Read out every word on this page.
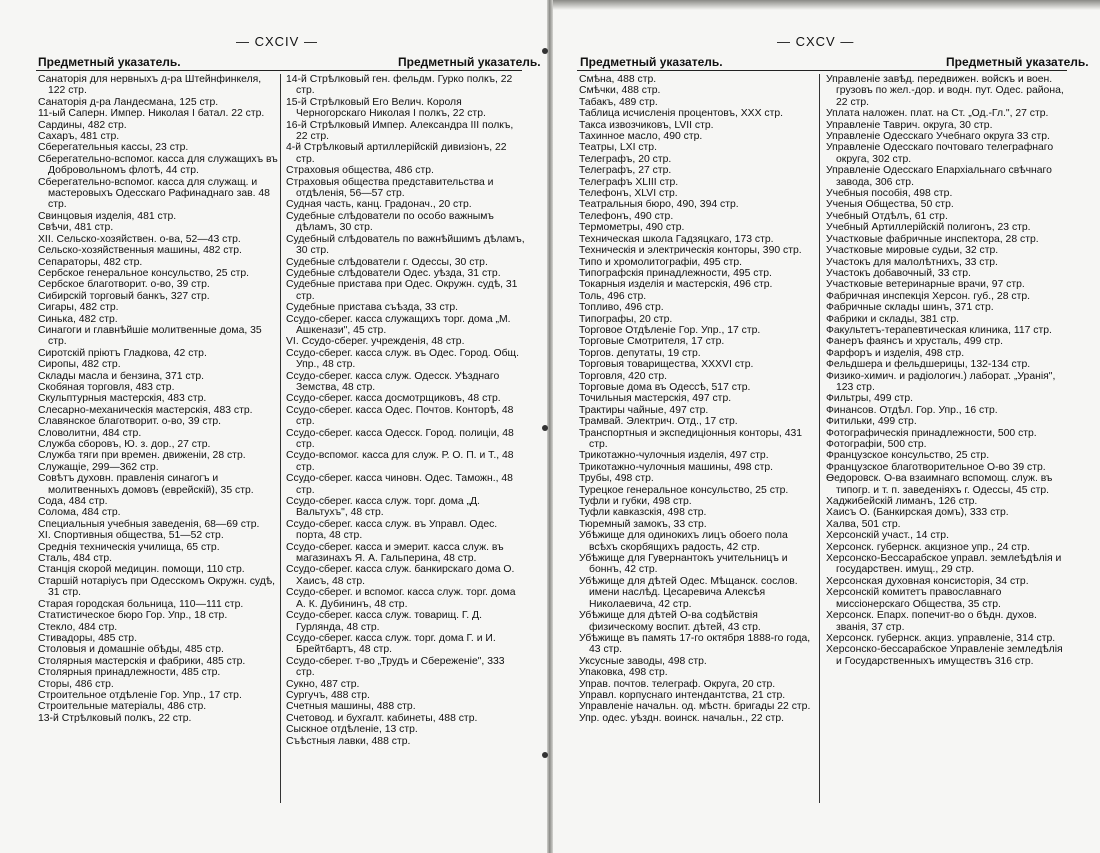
— CXCIV —
Предметный указатель.	Предметный указатель.
Санаторія для нервныхъ д-ра Штейнфинкеля, 122 стр.
Санаторія д-ра Ландесмана, 125 стр.
11-ый Саперн. Импер. Николая I батал. 22 стр.
Сардины, 482 стр.
Сахаръ, 481 стр.
Сберегательныя кассы, 23 стр.
Сберегательно-вспомог. касса для служащихъ въ Добровольномъ флотѣ, 44 стр.
Сберегательно-вспомог. касса для служащ. и мастеровыхъ Одесскаго Рафинаднаго зав. 48 стр.
Свинцовыя изделія, 481 стр.
Свѣчи, 481 стр.
XII. Сельско-хозяйствен. о-ва, 52—43 стр.
Сельско-хозяйственныя машины, 482 стр.
Сепараторы, 482 стр.
Сербское генеральное консульство, 25 стр.
Сербское благотворит. о-во, 39 стр.
Сибирскій торговый банкъ, 327 стр.
Сигары, 482 стр.
Синька, 482 стр.
Синагоги и главнѣйшіе молитвенные дома, 35 стр.
Сиротскій пріютъ Гладкова, 42 стр.
Сиропы, 482 стр.
Склады масла и бензина, 371 стр.
Скобяная торговля, 483 стр.
Скульптурныя мастерскія, 483 стр.
Слесарно-механическія мастерскія, 483 стр.
Славянское благотворит. о-во, 39 стр.
Словолитни, 484 стр.
Служба сборовъ, Ю. з. дор., 27 стр.
Служба тяги при времен. движеніи, 28 стр.
Служащіе, 299—362 стр.
Совѣтъ духовн. правленія синагогъ и молитвенныхъ домовъ (еврейскій), 35 стр.
Сода, 484 стр.
Солома, 484 стр.
Специальныя учебныя заведенія, 68—69 стр.
XI. Спортивныя общества, 51—52 стр.
Среднія техническія училища, 65 стр.
Сталь, 484 стр.
Станція скорой медицин. помощи, 110 стр.
Старшій нотаріусъ при Одесскомъ Окружн. судѣ, 31 стр.
Старая городская больница, 110—111 стр.
Статистическое бюро Гор. Упр., 18 стр.
Стекло, 484 стр.
Стивадоры, 485 стр.
Столовыя и домашніе обѣды, 485 стр.
Столярныя мастерскія и фабрики, 485 стр.
Столярныя принадлежности, 485 стр.
Сторы, 486 стр.
Строительное отдѣленіе Гор. Упр., 17 стр.
Строительные матеріалы, 486 стр.
13-й Стрѣлковый полкъ, 22 стр.
14-й Стрѣлковый ген. фельдм. Гурко полкъ, 22 стр.
15-й Стрѣлковый Его Велич. Короля Черногорскаго Николая I полкъ, 22 стр.
16-й Стрѣлковый Импер. Александра III полкъ, 22 стр.
4-й Стрѣлковый артиллерійскій дивизіонъ, 22 стр.
Страховыя общества, 486 стр.
Страховыя общества представительства и отдѣленія, 56—57 стр.
Судная часть, канц. Градонач., 20 стр.
Судебные слѣдователи по особо важнымъ дѣламъ, 30 стр.
Судебный слѣдователь по важнѣйшимъ дѣламъ, 30 стр.
Судебные слѣдователи г. Одессы, 30 стр.
Судебные слѣдователи Одес. уѣзда, 31 стр.
Судебные пристава при Одес. Окружн. судѣ, 31 стр.
Судебные пристава съѣзда, 33 стр.
Ссудо-сберег. касса служащихъ торг. дома „М. Ашкенази", 45 стр.
VI. Ссудо-сберег. учрежденія, 48 стр.
Ссудо-сберег. касса служ. въ Одес. Город. Общ. Упр., 48 стр.
Ссудо-сберег. касса служ. Одесск. Уѣзднаго Земства, 48 стр.
Ссудо-сберег. касса досмотрщиковъ, 48 стр.
Ссудо-сберег. касса Одес. Почтов. Конторѣ, 48 стр.
Ссудо-сберег. касса Одесск. Город. полиціи, 48 стр.
Ссудо-вспомог. касса для служ. Р. О. П. и Т., 48 стр.
Ссудо-сберег. касса чиновн. Одес. Таможн., 48 стр.
Ссудо-сберег. касса служ. торг. дома „Д. Вальтухъ", 48 стр.
Ссудо-сберег. касса служ. въ Управл. Одес. порта, 48 стр.
Ссудо-сберег. касса и эмерит. касса служ. въ магазинахъ Я. А. Гальперина, 48 стр.
Ссудо-сберег. касса служ. банкирскаго дома О. Хаисъ, 48 стр.
Ссудо-сберег. и вспомог. касса служ. торг. дома А. К. Дубининъ, 48 стр.
Ссудо-сберег. касса служ. товарищ. Г. Д. Гурлянда, 48 стр.
Ссудо-сберег. касса служ. торг. дома Г. и И. Брейтбартъ, 48 стр.
Ссудо-сберег. т-во „Трудъ и Сбереженіе", 333 стр.
Сукно, 487 стр.
Сургучъ, 488 стр.
Счетныя машины, 488 стр.
Счетовод. и бухгалт. кабинеты, 488 стр.
Сыскное отдѣленіе, 13 стр.
Съѣстныя лавки, 488 стр.
— CXCV —
Предметный указатель.	Предметный указатель.
Смѣна, 488 стр.
Смѣчки, 488 стр.
Табакъ, 489 стр.
Таблица исчисленія процентовъ, XXX стр.
Такса извозчиковъ, LVII стр.
Тахинное масло, 490 стр.
Театры, LXI стр.
Телеграфъ, 20 стр.
Телеграфъ, 27 стр.
Телеграфъ XLIII стр.
Телефонъ, XLVI стр.
Театральныя бюро, 490, 394 стр.
Телефонъ, 490 стр.
Термометры, 490 стр.
Техническая школа Гадзяцкаго, 173 стр.
Техническія и электрическія конторы, 390 стр.
Типо и хромолитографіи, 495 стр.
Типографскія принадлежности, 495 стр.
Токарныя изделія и мастерскія, 496 стр.
Толь, 496 стр.
Топливо, 496 стр.
Типографы, 20 стр.
Торговое Отдѣленіе Гор. Упр., 17 стр.
Торговые Смотрителя, 17 стр.
Торгов. депутаты, 19 стр.
Торговыя товарищества, XXXVI стр.
Торговля, 420 стр.
Торговые дома въ Одессѣ, 517 стр.
Точильныя мастерскія, 497 стр.
Трактиры чайные, 497 стр.
Трамвай. Электрич. Отд., 17 стр.
Транспортныя и экспедиціонныя конторы, 431 стр.
Трикотажно-чулочныя изделія, 497 стр.
Трикотажно-чулочныя машины, 498 стр.
Трубы, 498 стр.
Турецкое генеральное консульство, 25 стр.
Туфли и губки, 498 стр.
Туфли кавказскія, 498 стр.
Тюремный замокъ, 33 стр.
Убѣжище для одинокихъ лицъ обоего пола всѣхъ скорбящихъ радость, 42 стр.
Убѣжище для Гувернантокъ учительницъ и боннъ, 42 стр.
Убѣжище для дѣтей Одес. Мѣщанск. сослов. имени наслѣд. Цесаревича Алексѣя Николаевича, 42 стр.
Убѣжище для дѣтей О-ва содѣйствія физическому воспит. дѣтей, 43 стр.
Убѣжище въ память 17-го октября 1888-го года, 43 стр.
Уксусные заводы, 498 стр.
Упаковка, 498 стр.
Управ. почтов. телеграф. Округа, 20 стр.
Управл. корпуснаго интендантства, 21 стр.
Управленіе начальн. од. мѣстн. бригады 22 стр.
Упр. одес. уѣздн. воинск. начальн., 22 стр.
Управленіе завѣд. передвижен. войскъ и воен. грузовъ по жел.-дор. и водн. пут. Одес. района, 22 стр.
Уплата наложен. плат. на Ст. „Од.-Гл.", 27 стр.
Управленіе Таврич. округа, 30 стр.
Управленіе Одесскаго Учебнаго округа 33 стр.
Управленіе Одесскаго почтоваго телеграфнаго округа, 302 стр.
Управленіе Одесскаго Епархіальнаго свѣчнаго завода, 306 стр.
Учебныя пособія, 498 стр.
Ученыя Общества, 50 стр.
Учебный Отдѣлъ, 61 стр.
Учебный Артиллерійскій полигонъ, 23 стр.
Участковые фабричные инспектора, 28 стр.
Участковые мировые судьи, 32 стр.
Участокъ для малолѣтнихъ, 33 стр.
Участокъ добавочный, 33 стр.
Участковые ветеринарные врачи, 97 стр.
Фабричная инспекція Херсон. губ., 28 стр.
Фабричные склады шинъ, 371 стр.
Фабрики и склады, 381 стр.
Факультетъ-терапевтическая клиника, 117 стр.
Фанеръ фаянсъ и хрусталь, 499 стр.
Фарфоръ и изделія, 498 стр.
Фельдшера и фельдшерицы, 132-134 стр.
Физико-химич. и радіологич.) лаборат. „Уранія", 123 стр.
Фильтры, 499 стр.
Финансов. Отдѣл. Гор. Упр., 16 стр.
Фитильки, 499 стр.
Фотографическія принадлежности, 500 стр.
Фотографіи, 500 стр.
Французское консульство, 25 стр.
Французское благотворительное О-во 39 стр.
Ѳедоровск. О-ва взаимнаго вспомощ. служ. въ типогр. и т. п. заведеніяхъ г. Одессы, 45 стр.
Хаджибейскій лиманъ, 126 стр.
Хаисъ О. (Банкирская домъ), 333 стр.
Халва, 501 стр.
Херсонскій участ., 14 стр.
Херсонск. губернск. акцизное упр., 24 стр.
Херсонско-Бессарабское управл. землеѣдѣлія и государствен. имущ., 29 стр.
Херсонская духовная консисторія, 34 стр.
Херсонскій комитетъ православнаго миссіонерскаго Общества, 35 стр.
Херсонск. Епарх. попечит-во о бѣдн. духов. званія, 37 стр.
Херсонск. губернск. акциз. управленіе, 314 стр.
Херсонско-бессарабское Управленіе земледѣлія и Государственныхъ имуществъ 316 стр.
